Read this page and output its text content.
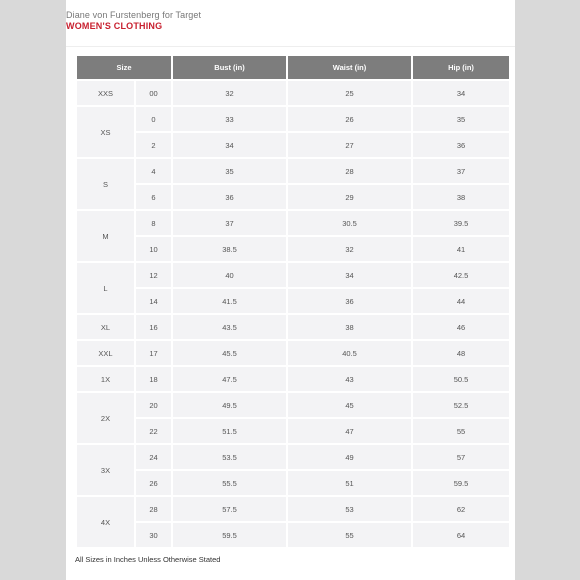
Diane von Furstenberg for Target
WOMEN'S CLOTHING
Size		Bust (in)	Waist (in)	Hip (in)
XXS	00	32	25	34
XS	0	33	26	35
	2	34	27	36
S	4	35	28	37
	6	36	29	38
M	8	37	30.5	39.5
	10	38.5	32	41
L	12	40	34	42.5
	14	41.5	36	44
XL	16	43.5	38	46
XXL	17	45.5	40.5	48
1X	18	47.5	43	50.5
2X	20	49.5	45	52.5
	22	51.5	47	55
3X	24	53.5	49	57
	26	55.5	51	59.5
4X	28	57.5	53	62
	30	59.5	55	64
All Sizes in Inches Unless Otherwise Stated
